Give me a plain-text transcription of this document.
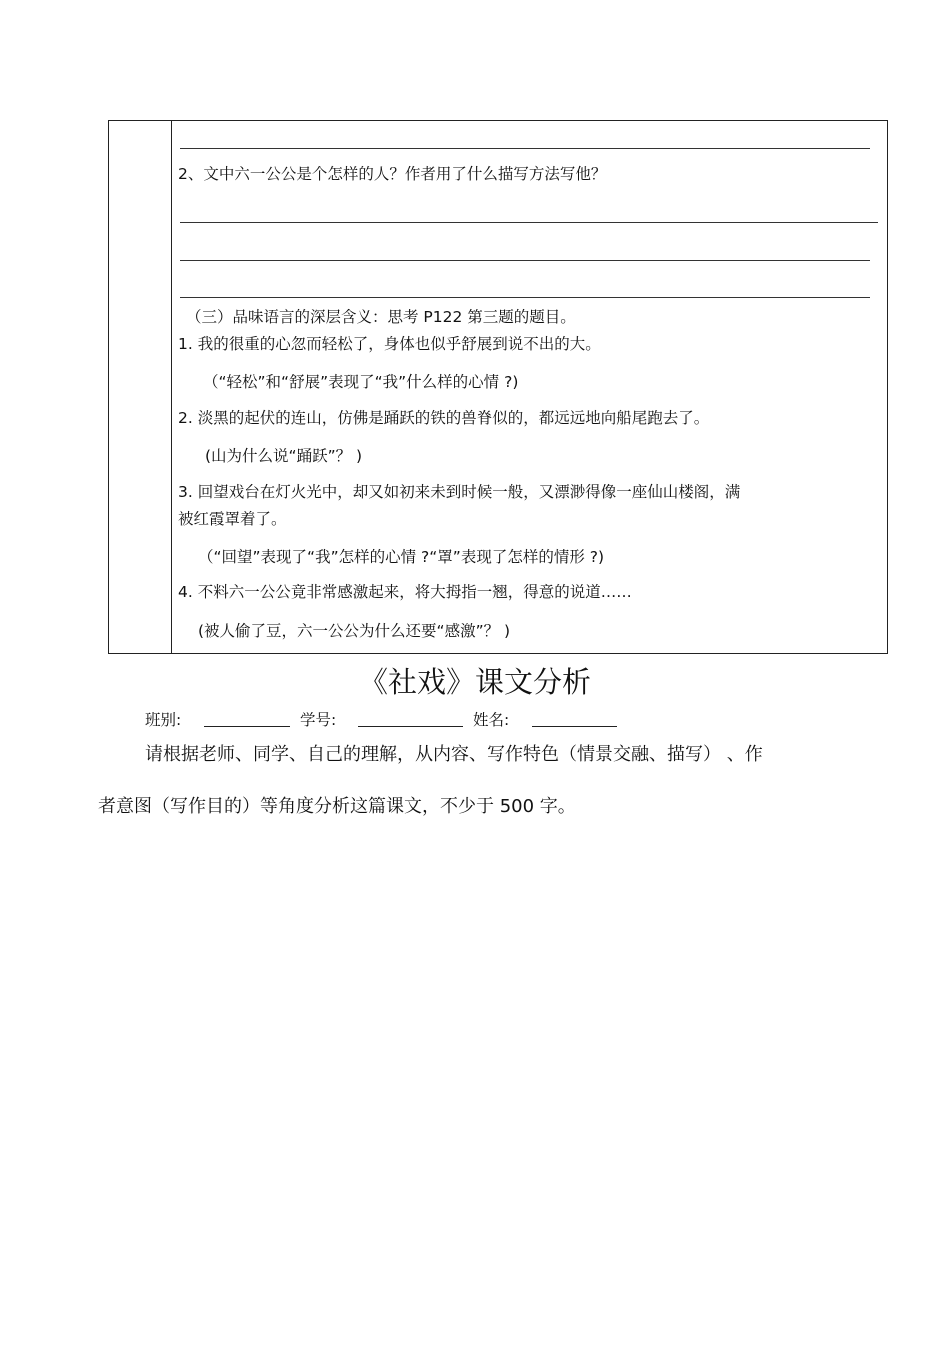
2、文中六一公公是个怎样的人？作者用了什么描写方法写他？
（三）品味语言的深层含义：思考 P122 第三题的题目。
1. 我的很重的心忽而轻松了，身体也似乎舒展到说不出的大。
（“轻松”和“舒展”表现了“我”什么样的心情 ?)
2. 淡黑的起伏的连山，仿佛是踊跃的铁的兽脊似的，都远远地向船尾跑去了。
(山为什么说“踊跃”？ )
3. 回望戏台在灯火光中，却又如初来未到时候一般，又漂渺得像一座仙山楼阁，满
被红霞罩着了。
（“回望”表现了“我”怎样的心情 ?“罩”表现了怎样的情形 ?)
4. 不料六一公公竟非常感激起来，将大拇指一翘，得意的说道……
(被人偷了豆，六一公公为什么还要“感激”？ )
《社戏》课文分析
班别:	学号:	姓名:
请根据老师、同学、自己的理解，从内容、写作特色（情景交融、描写） 、作
者意图（写作目的）等角度分析这篇课文，不少于 500 字。
